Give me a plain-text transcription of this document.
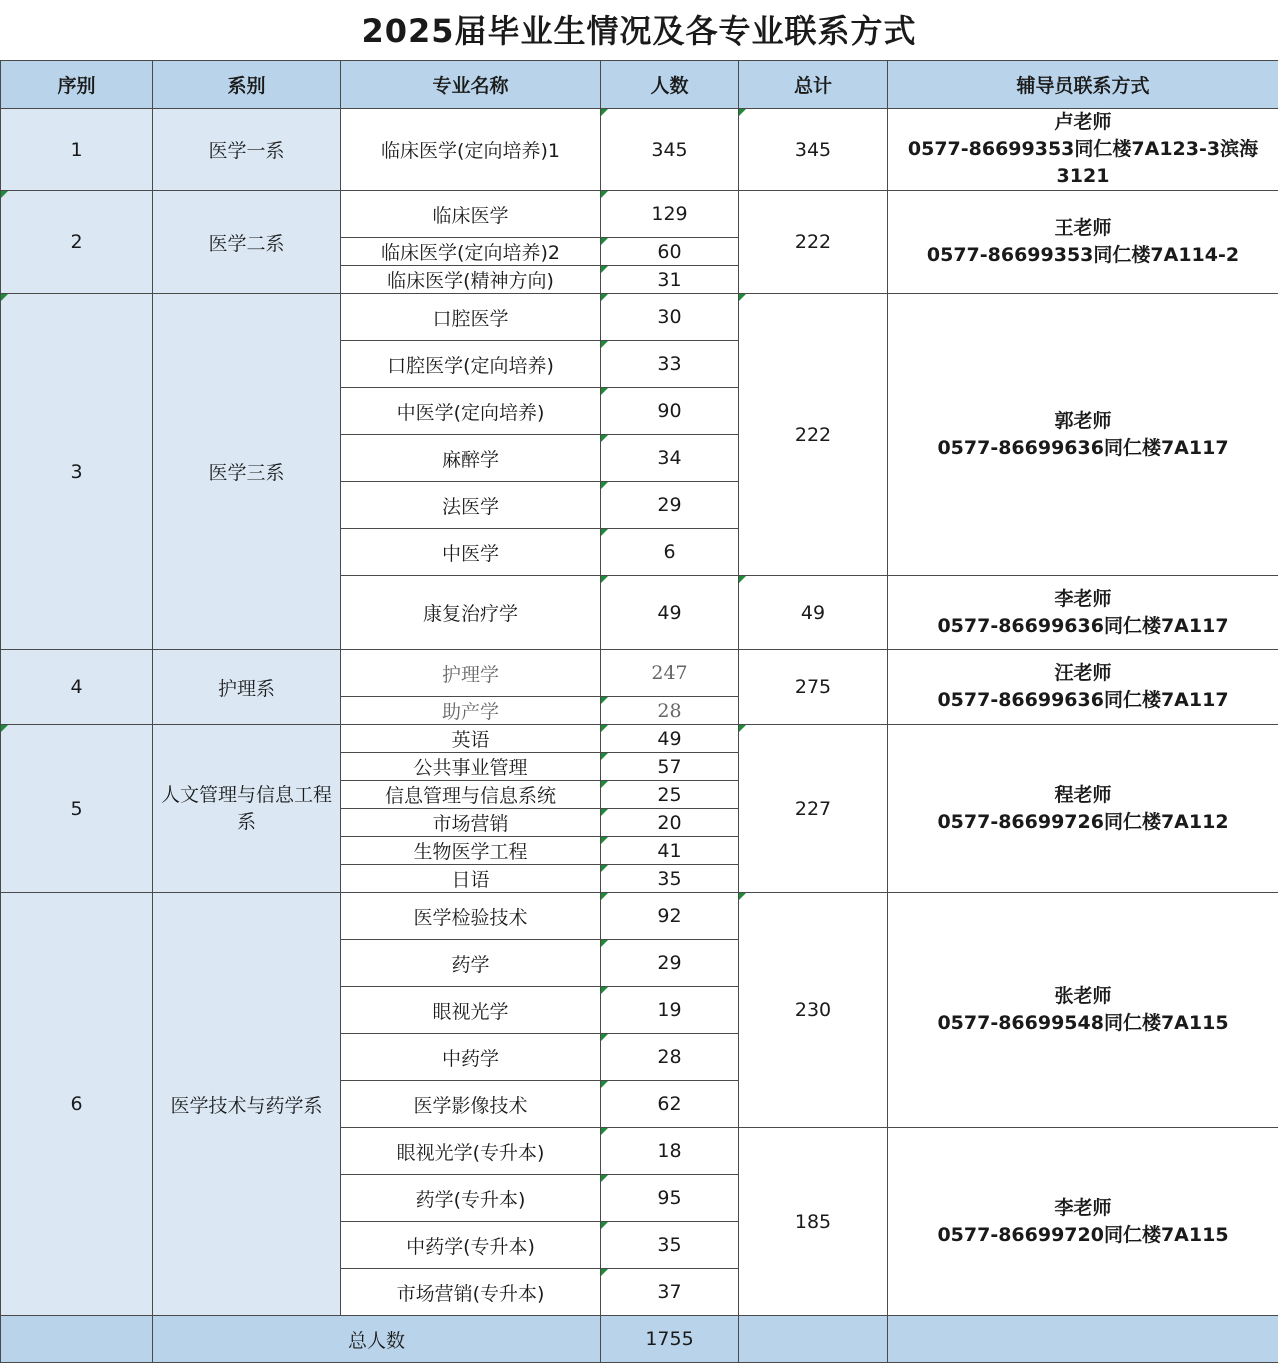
2025届毕业生情况及各专业联系方式
序别	系别	专业名称	人数	总计	辅导员联系方式
1	医学一系	临床医学(定向培养)1	345	345	卢老师
0577-86699353同仁楼7A123-3滨海3121

2	医学二系	临床医学	129	222	王老师
0577-86699353同仁楼7A114-2

		临床医学(定向培养)2	60		
		临床医学(精神方向)	31		
3	医学三系	口腔医学	30	222	郭老师
0577-86699636同仁楼7A117

		口腔医学(定向培养)	33		
		中医学(定向培养)	90		
		麻醉学	34		
		法医学	29		
		中医学	6		
		康复治疗学	49	49	李老师
0577-86699636同仁楼7A117

4	护理系	护理学	247	275	汪老师
0577-86699636同仁楼7A117

		助产学	28		
5	人文管理与信息工程系	英语	49	227	程老师
0577-86699726同仁楼7A112

		公共事业管理	57		
		信息管理与信息系统	25		
		市场营销	20		
		生物医学工程	41		
		日语	35		
6	医学技术与药学系	医学检验技术	92	230	张老师
0577-86699548同仁楼7A115

		药学	29		
		眼视光学	19		
		中药学	28		
		医学影像技术	62		
		眼视光学(专升本)	18	185	李老师
0577-86699720同仁楼7A115

		药学(专升本)	95		
		中药学(专升本)	35		
		市场营销(专升本)	37		
	总人数		1755		
